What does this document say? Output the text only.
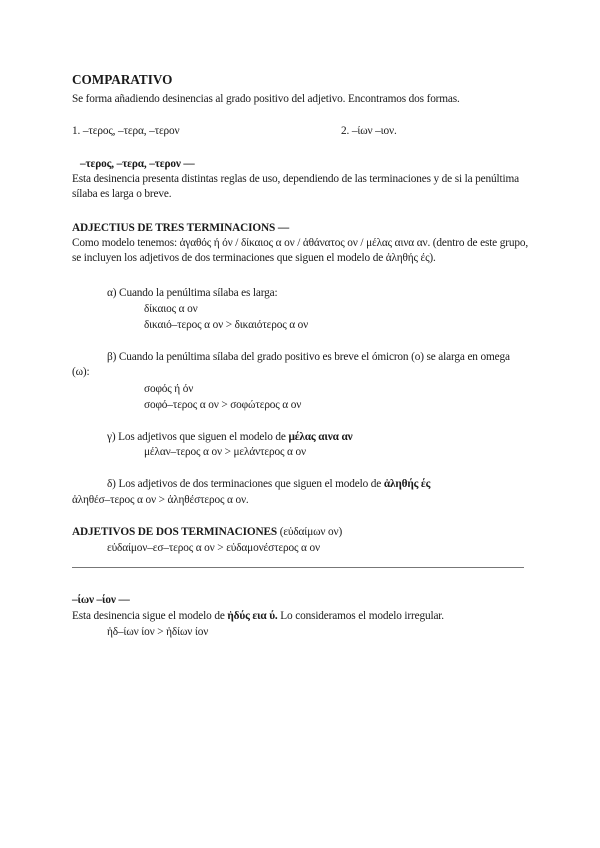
COMPARATIVO

Se forma añadiendo desinencias al grado positivo del adjetivo. Encontramos dos formas.

1. –τερος, –τερα, –τερον	2. –ίων –ιον.

–τερος, –τερα, –τερον —

Esta desinencia presenta distintas reglas de uso, dependiendo de las terminaciones y de si la penúltima sílaba es larga o breve.

ADJECTIUS DE TRES TERMINACIONS —

Como modelo tenemos: ἀγαθός ή όν / δίκαιος α ον / ἀθάνατος ον / μέλας αινα αν. (dentro de este grupo, se incluyen los adjetivos de dos terminaciones que siguen el modelo de ἀληθής ές).

α) Cuando la penúltima sílaba es larga:

δίκαιος α ον

δικαιό–τερος α ον > δικαιότερος α ον

β) Cuando la penúltima sílaba del grado positivo es breve el ómicron (ο) se alarga en omega (ω):

σοφός ή όν

σοφό–τερος α ον > σοφώτερος α ον

γ) Los adjetivos que siguen el modelo de μέλας αινα αν

μέλαν–τερος α ον > μελάντερος α ον

δ) Los adjetivos de dos terminaciones que siguen el modelo de ἀληθής ές

ἀληθέσ–τερος α ον > ἀληθέστερος α ον.

ADJETIVOS DE DOS TERMINACIONES (εὐδαίμων ον)

εὐδαίμον–εσ–τερος α ον > εὐδαμονέστερος α ον

–ίων –ίον —

Esta desinencia sigue el modelo de ἡδύς εια ύ. Lo consideramos el modelo irregular.

ἡδ–ίων ίον > ἡδίων ίον
